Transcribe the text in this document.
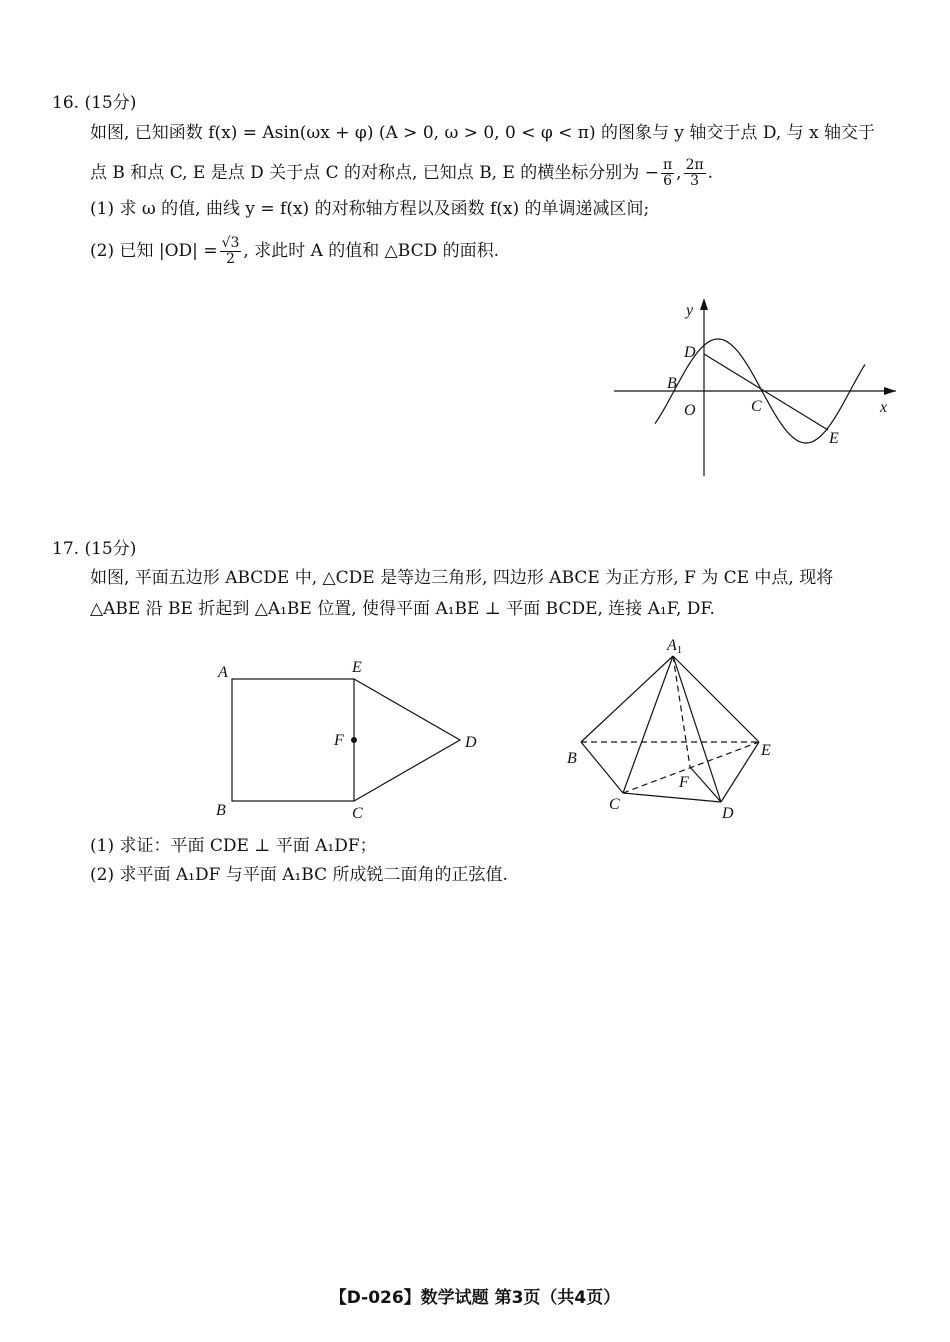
16. (15分)
如图, 已知函数 f(x) = Asin(ωx + φ) (A > 0, ω > 0, 0 < φ < π) 的图象与 y 轴交于点 D, 与 x 轴交于
点 B 和点 C, E 是点 D 关于点 C 的对称点, 已知点 B, E 的横坐标分别为 − $\frac{\pi}{6}$ , $\frac{2\pi}{3}$ .
(1) 求 ω 的值, 曲线 y = f(x) 的对称轴方程以及函数 f(x) 的单调递减区间;
(2) 已知 $|OD| = \frac{√3}{2}$ , 求此时 A 的值和 △BCD 的面积.
y
x
D
B
O	C
E
17. (15分)
如图, 平面五边形 ABCDE 中, △CDE 是等边三角形, 四边形 ABCE 为正方形, F 为 CE 中点, 现将
△ABE 沿 BE 折起到 △A₁BE 位置, 使得平面 A₁BE ⊥ 平面 BCDE, 连接 A₁F, DF.
A	E
F	D
B	C
A1
B	E
F
C
D
(1) 求证：平面 CDE ⊥ 平面 A₁DF；
(2) 求平面 A₁DF 与平面 A₁BC 所成锐二面角的正弦值.
【D-026】数学试题 第3页（共4页）
